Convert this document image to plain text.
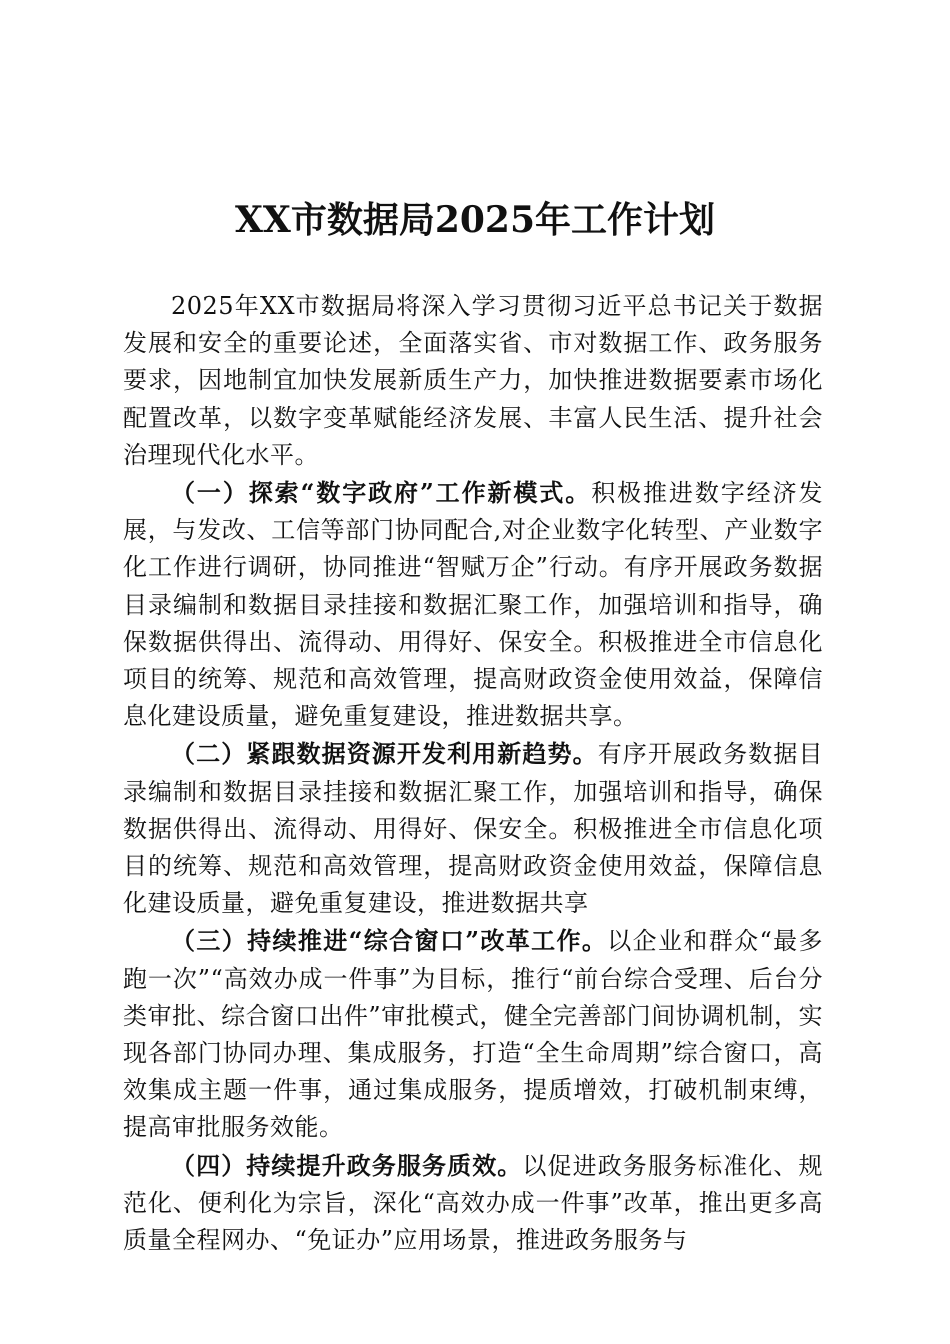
XX市数据局2025年工作计划

2025年XX市数据局将深入学习贯彻习近平总书记关于数据发展和安全的重要论述，全面落实省、市对数据工作、政务服务要求，因地制宜加快发展新质生产力，加快推进数据要素市场化配置改革，以数字变革赋能经济发展、丰富人民生活、提升社会治理现代化水平。

（一）探索“数字政府”工作新模式。积极推进数字经济发展，与发改、工信等部门协同配合,对企业数字化转型、产业数字化工作进行调研，协同推进“智赋万企”行动。有序开展政务数据目录编制和数据目录挂接和数据汇聚工作，加强培训和指导，确保数据供得出、流得动、用得好、保安全。积极推进全市信息化项目的统筹、规范和高效管理，提高财政资金使用效益，保障信息化建设质量，避免重复建设，推进数据共享。

（二）紧跟数据资源开发利用新趋势。有序开展政务数据目录编制和数据目录挂接和数据汇聚工作，加强培训和指导，确保数据供得出、流得动、用得好、保安全。积极推进全市信息化项目的统筹、规范和高效管理，提高财政资金使用效益，保障信息化建设质量，避免重复建设，推进数据共享

（三）持续推进“综合窗口”改革工作。以企业和群众“最多跑一次”“高效办成一件事”为目标，推行“前台综合受理、后台分类审批、综合窗口出件”审批模式，健全完善部门间协调机制，实现各部门协同办理、集成服务，打造“全生命周期”综合窗口，高效集成主题一件事，通过集成服务，提质增效，打破机制束缚，提高审批服务效能。

（四）持续提升政务服务质效。以促进政务服务标准化、规范化、便利化为宗旨，深化“高效办成一件事”改革，推出更多高质量全程网办、“免证办”应用场景，推进政务服务与
